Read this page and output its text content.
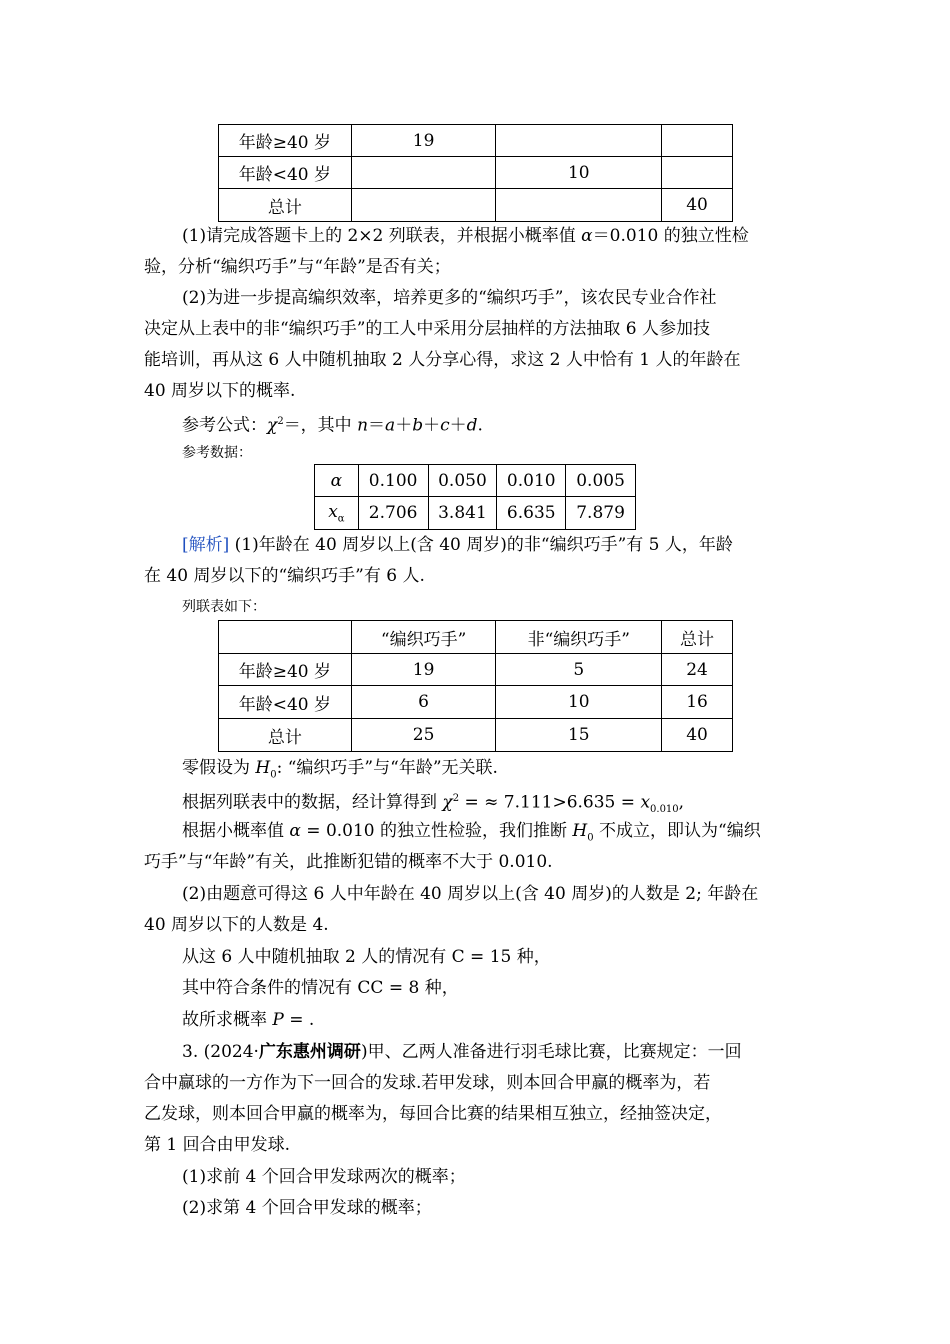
年龄≥40 岁	19		
年龄<40 岁		10	
总计			40
(1)请完成答题卡上的 2×2 列联表，并根据小概率值 α＝0.010 的独立性检
验，分析“编织巧手”与“年龄”是否有关；
(2)为进一步提高编织效率，培养更多的“编织巧手”，该农民专业合作社
决定从上表中的非“编织巧手”的工人中采用分层抽样的方法抽取 6 人参加技
能培训，再从这 6 人中随机抽取 2 人分享心得，求这 2 人中恰有 1 人的年龄在
40 周岁以下的概率.
参考公式：$\chi^2=$，其中 n＝a＋b＋c＋d.
参考数据：
α	0.100	0.050	0.010	0.005
$x_\alpha$	2.706	3.841	6.635	7.879
[解析] (1)年龄在 40 周岁以上(含 40 周岁)的非“编织巧手”有 5 人，年龄
在 40 周岁以下的“编织巧手”有 6 人.
列联表如下：
	“编织巧手”	非“编织巧手”	总计
年龄≥40 岁	19	5	24
年龄<40 岁	6	10	16
总计	25	15	40
零假设为 $H_0$: “编织巧手”与“年龄”无关联.
根据列联表中的数据，经计算得到 $\chi^2$ = ≈ $7.111>6.635 = x_{0.010}$,
根据小概率值 α = 0.010 的独立性检验，我们推断 $H_0$ 不成立，即认为“编织
巧手”与“年龄”有关，此推断犯错的概率不大于 0.010.
(2)由题意可得这 6 人中年龄在 40 周岁以上(含 40 周岁)的人数是 2; 年龄在
40 周岁以下的人数是 4.
从这 6 人中随机抽取 2 人的情况有 C = 15 种，
其中符合条件的情况有 CC = 8 种，
故所求概率 P = .
3. (2024·广东惠州调研)甲、乙两人准备进行羽毛球比赛，比赛规定：一回
合中赢球的一方作为下一回合的发球.若甲发球，则本回合甲赢的概率为，若
乙发球，则本回合甲赢的概率为，每回合比赛的结果相互独立，经抽签决定，
第 1 回合由甲发球.
(1)求前 4 个回合甲发球两次的概率；
(2)求第 4 个回合甲发球的概率；
